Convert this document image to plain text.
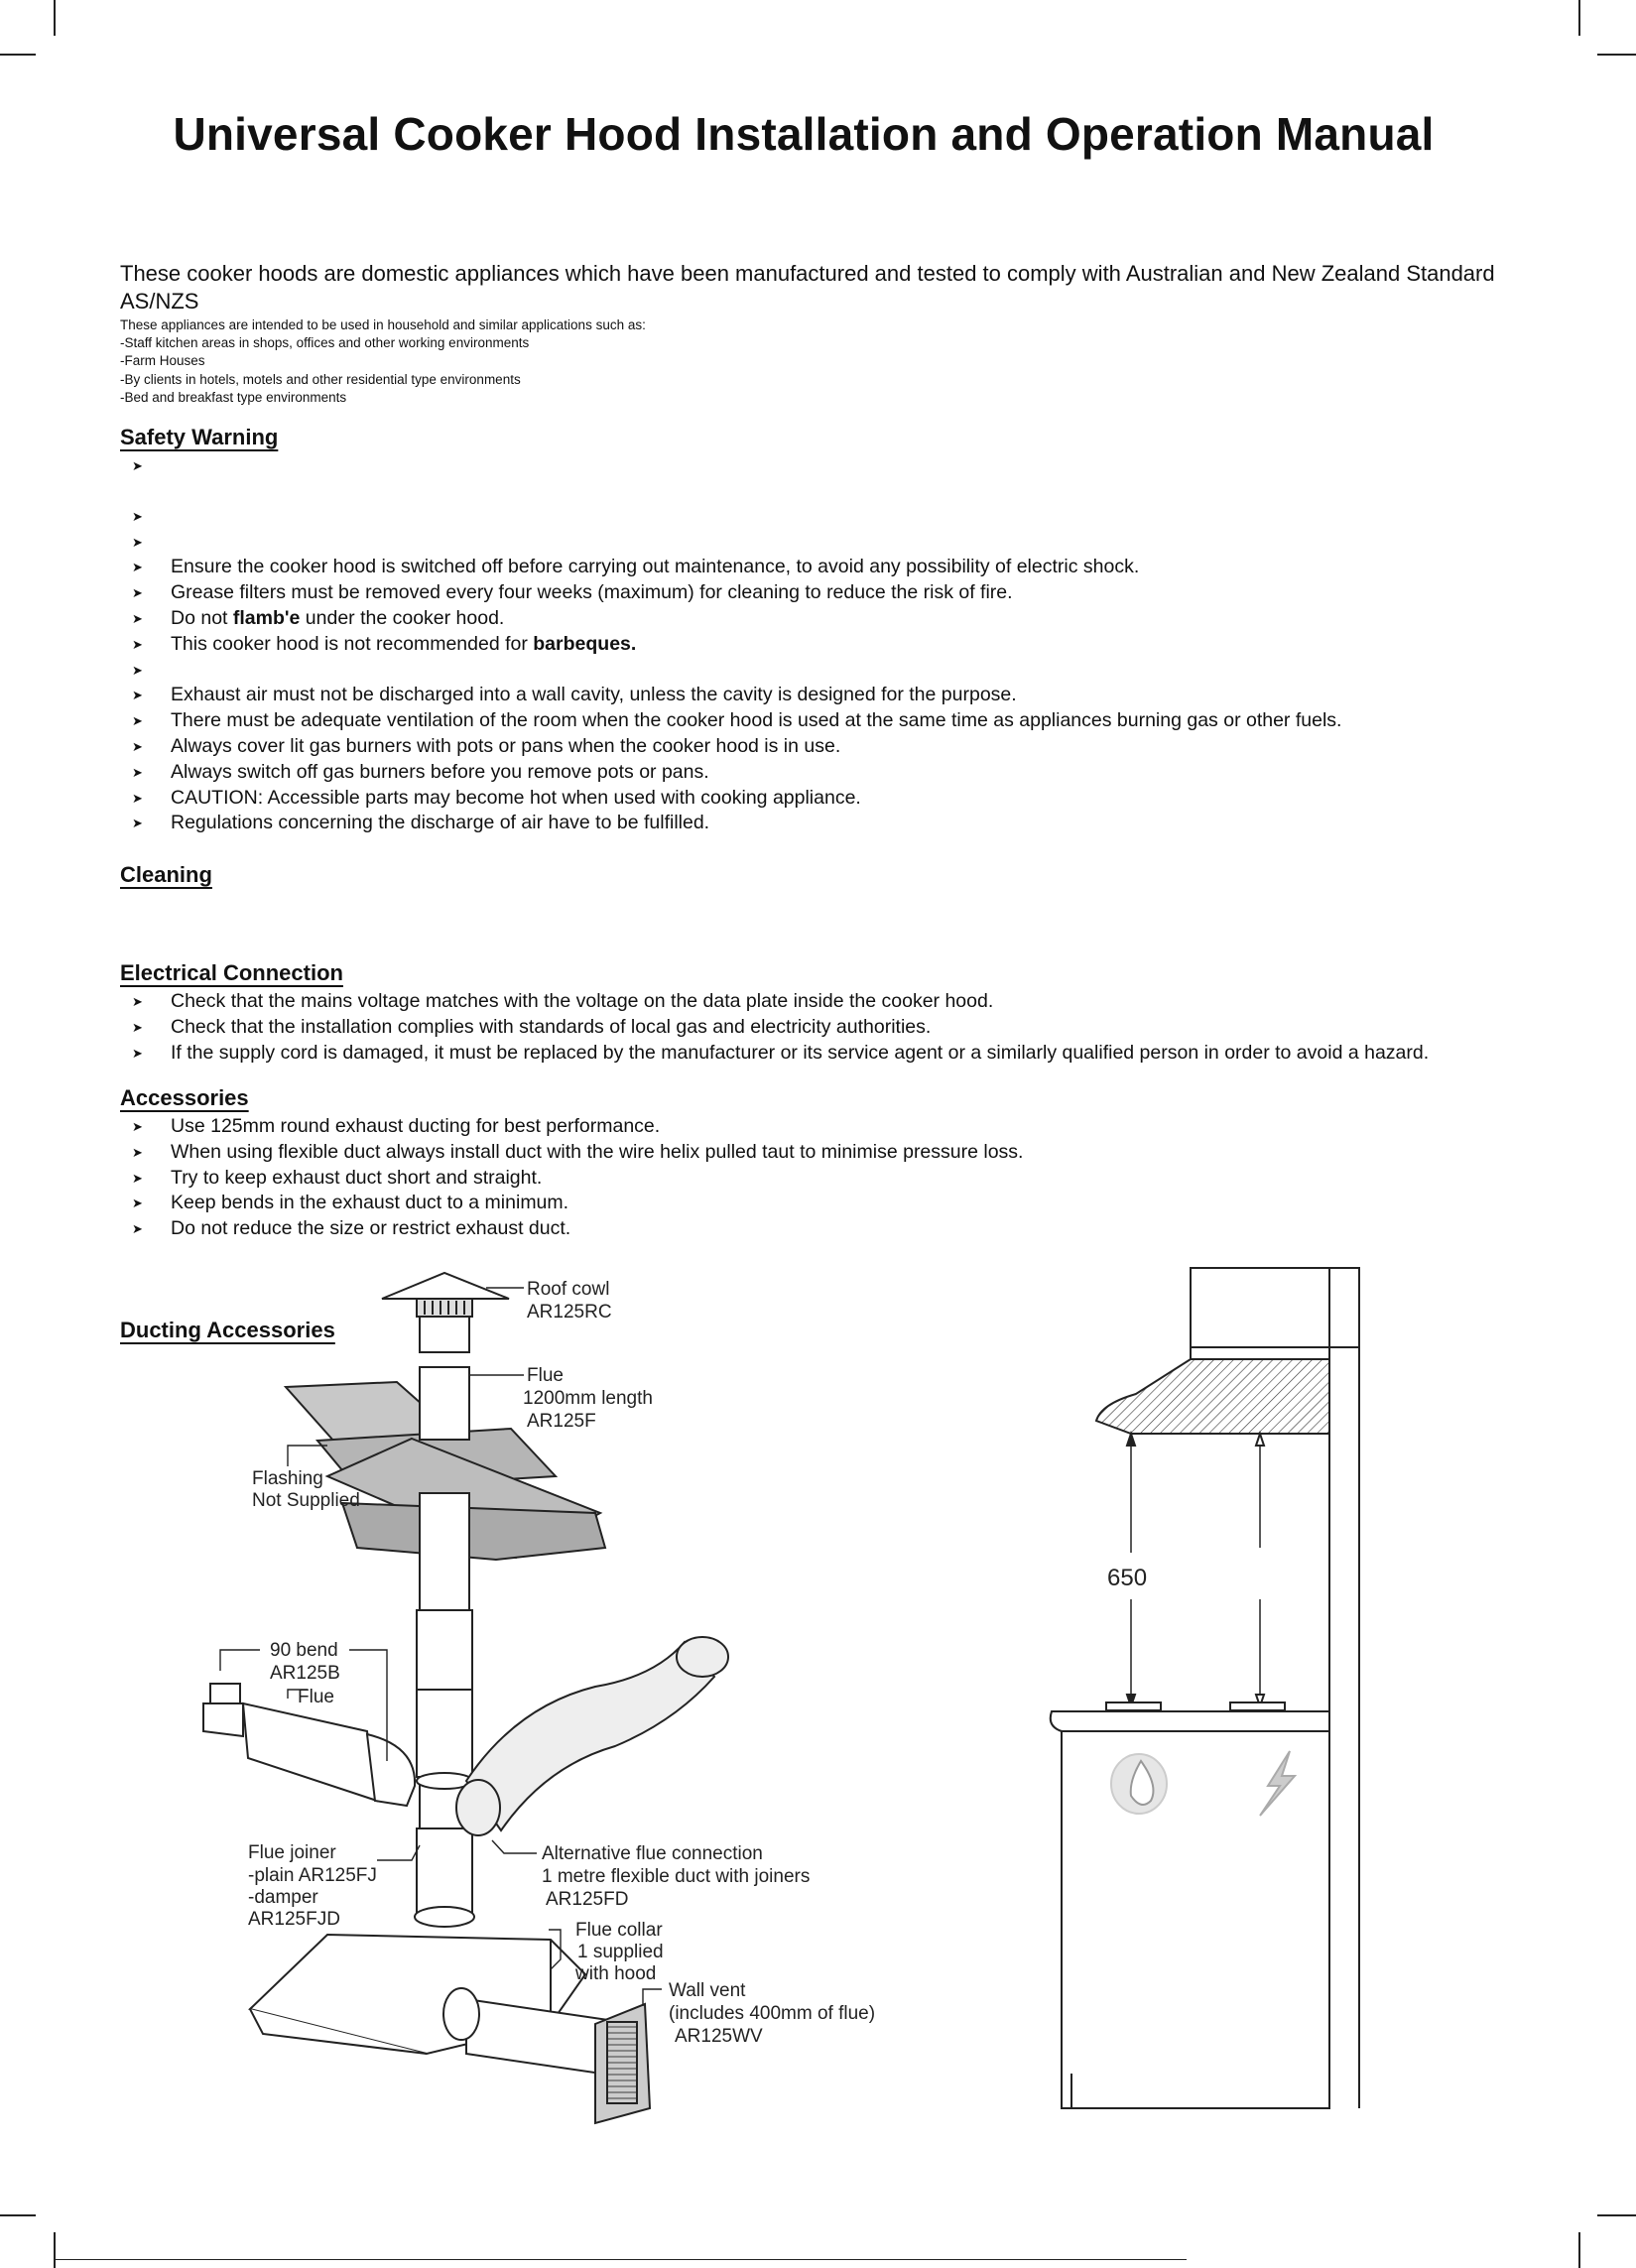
Universal Cooker Hood Installation and Operation Manual
These cooker hoods are domestic appliances which have been manufactured and tested to comply with Australian and New Zealand Standard AS/NZS
These appliances are intended to be used in household and similar applications such as:
-Staff kitchen areas in shops, offices and other working environments
-Farm Houses
-By clients in hotels, motels and other residential type environments
-Bed and breakfast type environments
Safety Warning
➤
➤
➤
➤ Ensure the cooker hood is switched off before carrying out maintenance, to avoid any possibility of electric shock.
➤ Grease filters must be removed every four weeks (maximum) for cleaning to reduce the risk of fire.
➤ Do not flamb'e under the cooker hood.
➤ This cooker hood is not recommended for barbeques.
➤
➤ Exhaust air must not be discharged into a wall cavity, unless the cavity is designed for the purpose.
➤ There must be adequate ventilation of the room when the cooker hood is used at the same time as appliances burning gas or other fuels.
➤ Always cover lit gas burners with pots or pans when the cooker hood is in use.
➤ Always switch off gas burners before you remove pots or pans.
➤ CAUTION: Accessible parts may become hot when used with cooking appliance.
➤ Regulations concerning the discharge of air have to be fulfilled.
Cleaning
Electrical Connection
➤ Check that the mains voltage matches with the voltage on the data plate inside the cooker hood.
➤ Check that the installation complies with standards of local gas and electricity authorities.
➤ If the supply cord is damaged, it must be replaced by the manufacturer or its service agent or a similarly qualified person in order to avoid a hazard.
Accessories
➤ Use 125mm round exhaust ducting for best performance.
➤ When using flexible duct always install duct with the wire helix pulled taut to minimise pressure loss.
➤ Try to keep exhaust duct short and straight.
➤ Keep bends in the exhaust duct to a minimum.
➤ Do not reduce the size or restrict exhaust duct.
Ducting Accessories
Roof cowl
AR125RC
Flue
1200mm length
AR125F
Flashing
Not Supplied
90 bend
AR125B
Flue
Flue joiner
-plain AR125FJ
-damper
AR125FJD
Alternative flue connection
1 metre flexible duct with joiners
AR125FD
Flue collar
1 supplied
with hood
Wall vent
(includes 400mm of flue)
AR125WV
650
